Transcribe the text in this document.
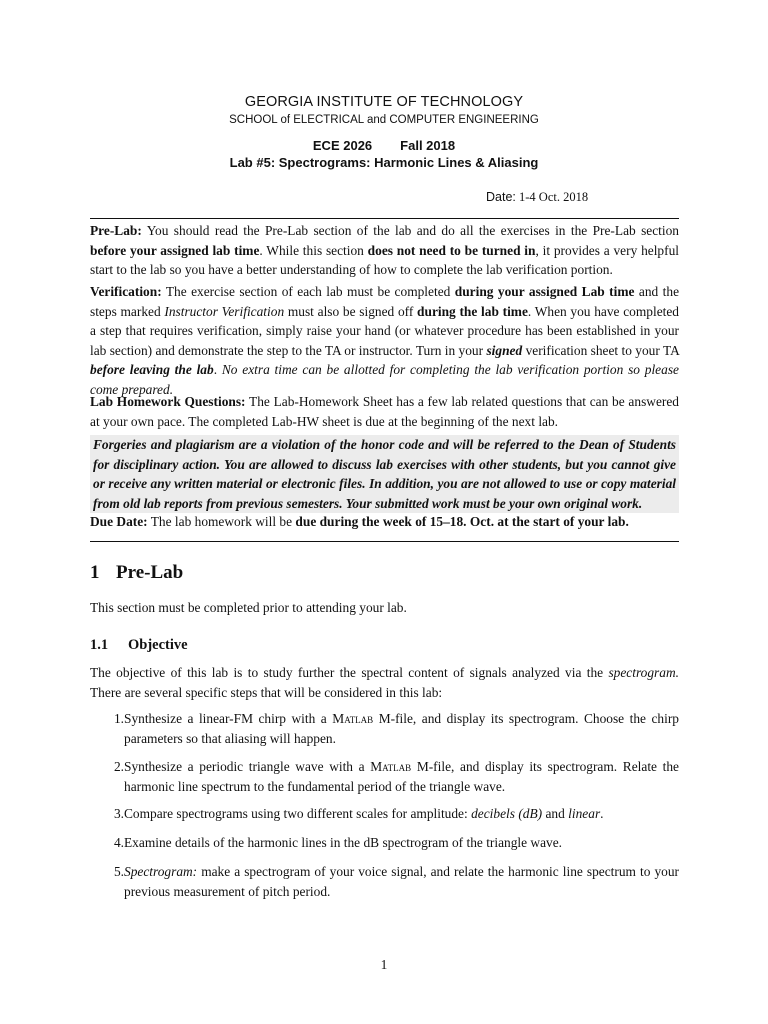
GEORGIA INSTITUTE OF TECHNOLOGY
SCHOOL of ELECTRICAL and COMPUTER ENGINEERING
ECE 2026 Fall 2018
Lab #5: Spectrograms: Harmonic Lines & Aliasing
Date: 1-4 Oct. 2018
Pre-Lab: You should read the Pre-Lab section of the lab and do all the exercises in the Pre-Lab section before your assigned lab time. While this section does not need to be turned in, it provides a very helpful start to the lab so you have a better understanding of how to complete the lab verification portion.
Verification: The exercise section of each lab must be completed during your assigned Lab time and the steps marked Instructor Verification must also be signed off during the lab time. When you have completed a step that requires verification, simply raise your hand (or whatever procedure has been established in your lab section) and demonstrate the step to the TA or instructor. Turn in your signed verification sheet to your TA before leaving the lab. No extra time can be allotted for completing the lab verification portion so please come prepared.
Lab Homework Questions: The Lab-Homework Sheet has a few lab related questions that can be answered at your own pace. The completed Lab-HW sheet is due at the beginning of the next lab.
Forgeries and plagiarism are a violation of the honor code and will be referred to the Dean of Students for disciplinary action. You are allowed to discuss lab exercises with other students, but you cannot give or receive any written material or electronic files. In addition, you are not allowed to use or copy material from old lab reports from previous semesters. Your submitted work must be your own original work.
Due Date: The lab homework will be due during the week of 15–18. Oct. at the start of your lab.
1 Pre-Lab
This section must be completed prior to attending your lab.
1.1 Objective
The objective of this lab is to study further the spectral content of signals analyzed via the spectrogram. There are several specific steps that will be considered in this lab:
1. Synthesize a linear-FM chirp with a Matlab M-file, and display its spectrogram. Choose the chirp parameters so that aliasing will happen.
2. Synthesize a periodic triangle wave with a Matlab M-file, and display its spectrogram. Relate the harmonic line spectrum to the fundamental period of the triangle wave.
3. Compare spectrograms using two different scales for amplitude: decibels (dB) and linear.
4. Examine details of the harmonic lines in the dB spectrogram of the triangle wave.
5. Spectrogram: make a spectrogram of your voice signal, and relate the harmonic line spectrum to your previous measurement of pitch period.
1
